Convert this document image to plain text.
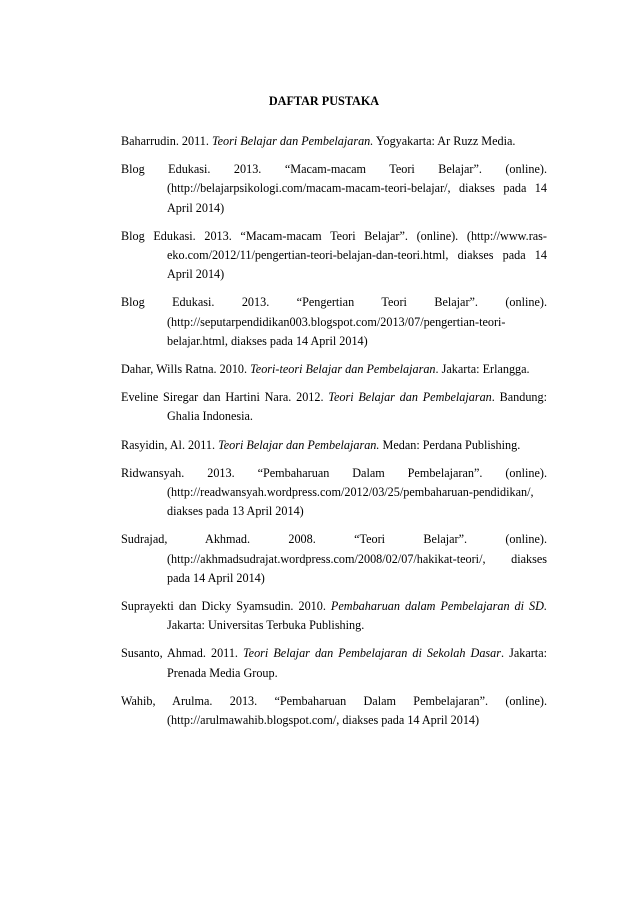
DAFTAR PUSTAKA

Baharrudin. 2011. Teori Belajar dan Pembelajaran. Yogyakarta: Ar Ruzz Media.

Blog Edukasi. 2013. “Macam-macam Teori Belajar”. (online). (http://belajarpsikologi.com/macam-macam-teori-belajar/, diakses pada 14 April 2014)

Blog Edukasi. 2013. “Macam-macam Teori Belajar”. (online). (http://www.ras-eko.com/2012/11/pengertian-teori-belajan-dan-teori.html, diakses pada 14 April 2014)

Blog Edukasi. 2013. “Pengertian Teori Belajar”. (online). (http://seputarpendidikan003.blogspot.com/2013/07/pengertian-teori-belajar.html, diakses pada 14 April 2014)

Dahar, Wills Ratna. 2010. Teori-teori Belajar dan Pembelajaran. Jakarta: Erlangga.

Eveline Siregar dan Hartini Nara. 2012. Teori Belajar dan Pembelajaran. Bandung: Ghalia Indonesia.

Rasyidin, Al. 2011. Teori Belajar dan Pembelajaran. Medan: Perdana Publishing.

Ridwansyah. 2013. “Pembaharuan Dalam Pembelajaran”. (online). (http://readwansyah.wordpress.com/2012/03/25/pembaharuan-pendidikan/, diakses pada 13 April 2014)

Sudrajad, Akhmad. 2008. “Teori Belajar”. (online). (http://akhmadsudrajat.wordpress.com/2008/02/07/hakikat-teori/, diakses pada 14 April 2014)

Suprayekti dan Dicky Syamsudin. 2010. Pembaharuan dalam Pembelajaran di SD. Jakarta: Universitas Terbuka Publishing.

Susanto, Ahmad. 2011. Teori Belajar dan Pembelajaran di Sekolah Dasar. Jakarta: Prenada Media Group.

Wahib, Arulma. 2013. “Pembaharuan Dalam Pembelajaran”. (online). (http://arulmawahib.blogspot.com/, diakses pada 14 April 2014)
